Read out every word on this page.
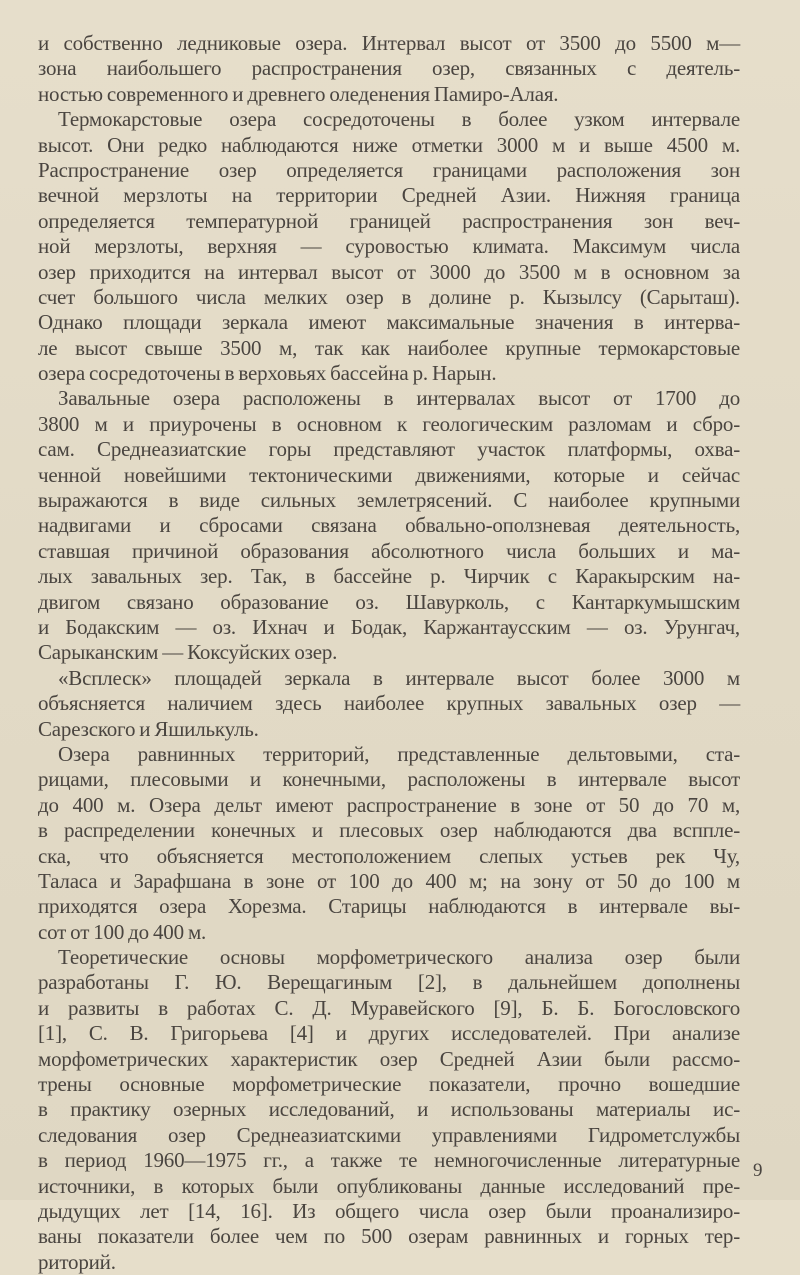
и собственно ледниковые озера. Интервал высот от 3500 до 5500 м—
зона наибольшего распространения озер, связанных с деятель-
ностью современного и древнего оледенения Памиро-Алая.
Термокарстовые озера сосредоточены в более узком интервале
высот. Они редко наблюдаются ниже отметки 3000 м и выше 4500 м.
Распространение озер определяется границами расположения зон
вечной мерзлоты на территории Средней Азии. Нижняя граница
определяется температурной границей распространения зон веч-
ной мерзлоты, верхняя — суровостью климата. Максимум числа
озер приходится на интервал высот от 3000 до 3500 м в основном за
счет большого числа мелких озер в долине р. Кызылсу (Сарыташ).
Однако площади зеркала имеют максимальные значения в интерва-
ле высот свыше 3500 м, так как наиболее крупные термокарстовые
озера сосредоточены в верховьях бассейна р. Нарын.
Завальные озера расположены в интервалах высот от 1700 до
3800 м и приурочены в основном к геологическим разломам и сбро-
сам. Среднеазиатские горы представляют участок платформы, охва-
ченной новейшими тектоническими движениями, которые и сейчас
выражаются в виде сильных землетрясений. С наиболее крупными
надвигами и сбросами связана обвально-оползневая деятельность,
ставшая причиной образования абсолютного числа больших и ма-
лых завальных зер. Так, в бассейне р. Чирчик с Каракырским на-
двигом связано образование оз. Шавурколь, с Кантаркумышским
и Бодакским — оз. Ихнач и Бодак, Каржантаусским — оз. Урунгач,
Сарыканским — Коксуйских озер.
«Всплеск» площадей зеркала в интервале высот более 3000 м
объясняется наличием здесь наиболее крупных завальных озер —
Сарезского и Яшилькуль.
Озера равнинных территорий, представленные дельтовыми, ста-
рицами, плесовыми и конечными, расположены в интервале высот
до 400 м. Озера дельт имеют распространение в зоне от 50 до 70 м,
в распределении конечных и плесовых озер наблюдаются два всппле-
ска, что объясняется местоположением слепых устьев рек Чу,
Таласа и Зарафшана в зоне от 100 до 400 м; на зону от 50 до 100 м
приходятся озера Хорезма. Старицы наблюдаются в интервале вы-
сот от 100 до 400 м.
Теоретические основы морфометрического анализа озер были
разработаны Г. Ю. Верещагиным [2], в дальнейшем дополнены
и развиты в работах С. Д. Муравейского [9], Б. Б. Богословского
[1], С. В. Григорьева [4] и других исследователей. При анализе
морфометрических характеристик озер Средней Азии были рассмо-
трены основные морфометрические показатели, прочно вошедшие
в практику озерных исследований, и использованы материалы ис-
следования озер Среднеазиатскими управлениями Гидрометслужбы
в период 1960—1975 гг., а также те немногочисленные литературные
источники, в которых были опубликованы данные исследований пре-
дыдущих лет [14, 16]. Из общего числа озер были проанализиро-
ваны показатели более чем по 500 озерам равнинных и горных тер-
риторий.
9
